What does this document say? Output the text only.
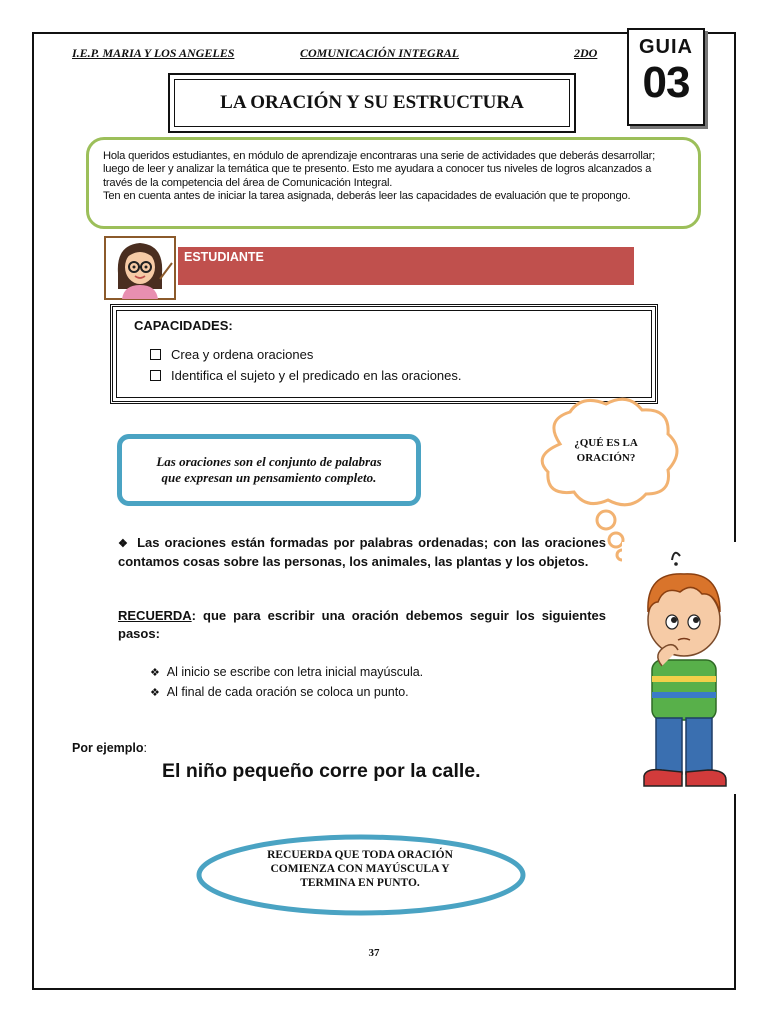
I.E.P. MARIA Y LOS ANGELES	COMUNICACIÓN INTEGRAL	2DO	GUIA
03
LA ORACIÓN Y SU ESTRUCTURA

Hola queridos estudiantes, en módulo de aprendizaje encontraras una serie de actividades que deberás desarrollar;

luego de leer y analizar la temática que te presento. Esto me ayudara a conocer tus niveles de logros alcanzados a

través de la competencia del área de Comunicación Integral.

Ten en cuenta antes de iniciar la tarea asignada, deberás leer las capacidades de evaluación que te propongo.

ESTUDIANTE
CAPACIDADES:
Crea y ordena oraciones
Identifica el sujeto y el predicado en las oraciones.
Las oraciones son el conjunto de palabras
que expresan un pensamiento completo.
¿QUÉ ES LA
ORACIÓN?
❖ Las oraciones están formadas por palabras ordenadas; con las oraciones contamos cosas sobre las personas, los animales, las plantas y los objetos.
RECUERDA: que para escribir una oración debemos seguir los siguientes pasos:
❖ Al inicio se escribe con letra inicial mayúscula.
❖ Al final de cada oración se coloca un punto.
Por ejemplo:
El niño pequeño corre por la calle.
RECUERDA QUE TODA ORACIÓN
COMIENZA CON MAYÚSCULA Y
TERMINA EN PUNTO.
37
